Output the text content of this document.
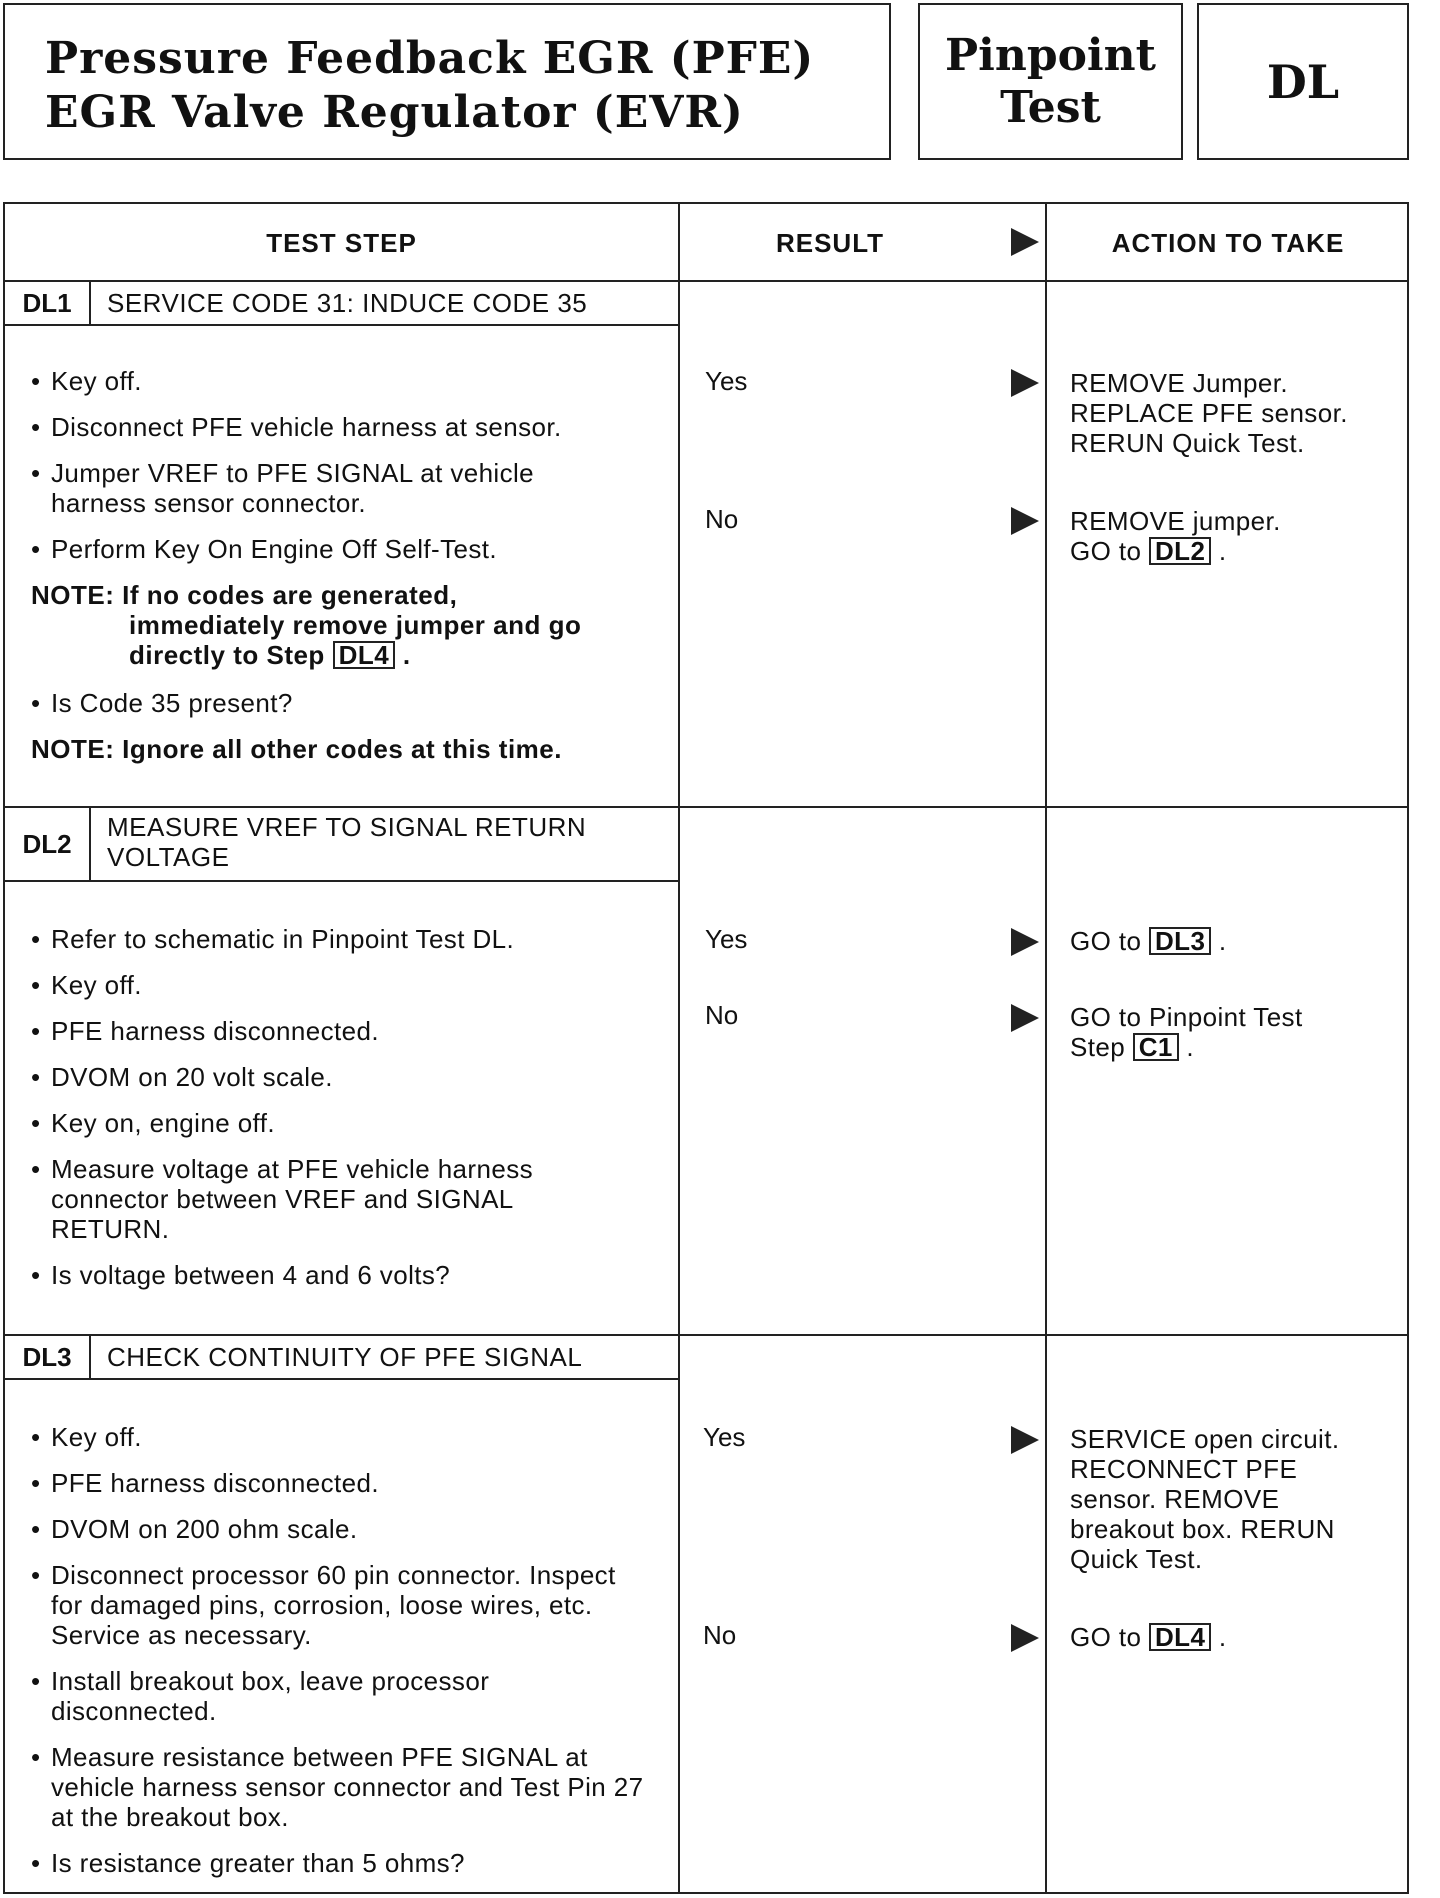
Pressure Feedback EGR (PFE)
EGR Valve Regulator (EVR)
Pinpoint
Test	DL
TEST STEP	RESULT	ACTION TO TAKE
DL1	SERVICE CODE 31: INDUCE CODE 35
• Key off.
• Disconnect PFE vehicle harness at sensor.
• Jumper VREF to PFE SIGNAL at vehicle harness sensor connector.
• Perform Key On Engine Off Self-Test.
NOTE: If no codes are generated,
immediately remove jumper and go
directly to Step DL4 .
• Is Code 35 present?
NOTE: Ignore all other codes at this time.
Yes	REMOVE Jumper.
REPLACE PFE sensor.
RERUN Quick Test.
No	REMOVE jumper.
GO to DL2 .
DL2
MEASURE VREF TO SIGNAL RETURN
VOLTAGE
• Refer to schematic in Pinpoint Test DL.
• Key off.
• PFE harness disconnected.
• DVOM on 20 volt scale.
• Key on, engine off.
• Measure voltage at PFE vehicle harness connector between VREF and SIGNAL RETURN.
• Is voltage between 4 and 6 volts?
Yes	GO to DL3 .
No	GO to Pinpoint Test
Step C1 .
DL3	CHECK CONTINUITY OF PFE SIGNAL
• Key off.
• PFE harness disconnected.
• DVOM on 200 ohm scale.
• Disconnect processor 60 pin connector. Inspect for damaged pins, corrosion, loose wires, etc. Service as necessary.
• Install breakout box, leave processor disconnected.
• Measure resistance between PFE SIGNAL at vehicle harness sensor connector and Test Pin 27 at the breakout box.
• Is resistance greater than 5 ohms?
Yes	SERVICE open circuit.
RECONNECT PFE
sensor. REMOVE
breakout box. RERUN
Quick Test.
No	GO to DL4 .
